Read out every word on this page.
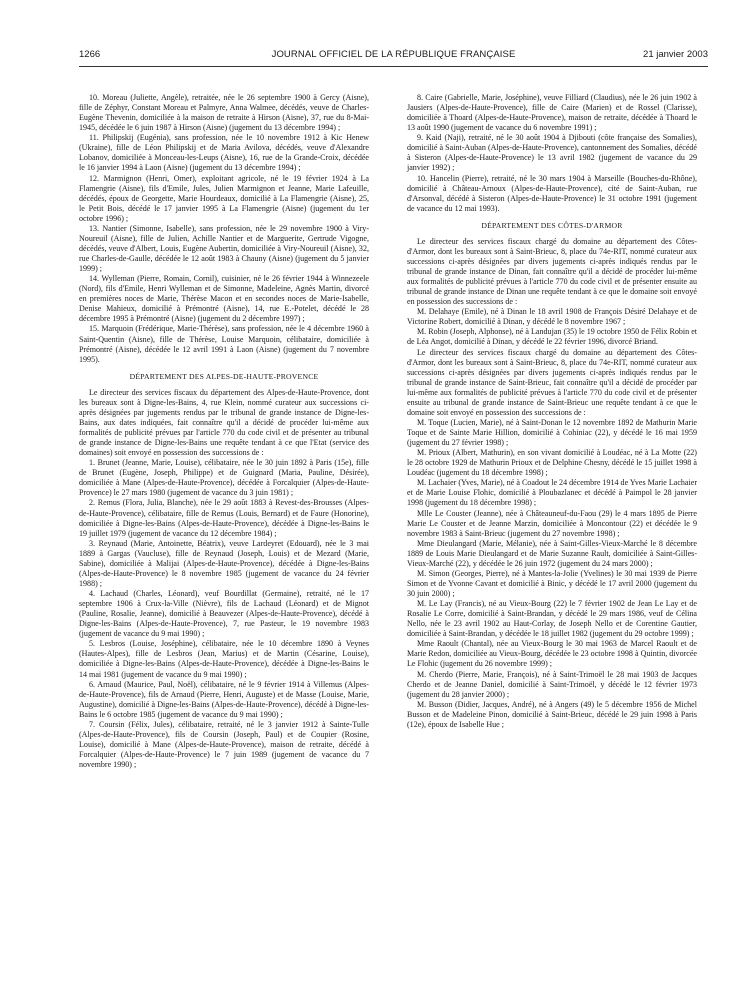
1266	JOURNAL OFFICIEL DE LA RÉPUBLIQUE FRANÇAISE	21 janvier 2003

10. Moreau (Juliette, Angèle), retraitée, née le 26 septembre 1900 à Gercy (Aisne), fille de Zéphyr, Constant Moreau et Palmyre, Anna Walmee, décédés, veuve de Charles-Eugène Thevenin, domiciliée à la maison de retraite à Hirson (Aisne), 37, rue du 8-Mai-1945, décédée le 6 juin 1987 à Hirson (Aisne) (jugement du 13 décembre 1994) ;

11. Philipskij (Eugénia), sans profession, née le 10 novembre 1912 à Kic Henew (Ukraine), fille de Léon Philipskij et de Maria Avilova, décédés, veuve d'Alexandre Lobanov, domiciliée à Monceau-les-Leups (Aisne), 16, rue de la Grande-Croix, décédée le 16 janvier 1994 à Laon (Aisne) (jugement du 13 décembre 1994) ;

12. Marmignon (Henri, Omer), exploitant agricole, né le 19 février 1924 à La Flamengrie (Aisne), fils d'Emile, Jules, Julien Marmignon et Jeanne, Marie Lafeuille, décédés, époux de Georgette, Marie Hourdeaux, domicilié à La Flamengrie (Aisne), 25, le Petit Bois, décédé le 17 janvier 1995 à La Flamengrie (Aisne) (jugement du 1er octobre 1996) ;

13. Nantier (Simonne, Isabelle), sans profession, née le 29 novembre 1900 à Viry-Noureuil (Aisne), fille de Julien, Achille Nantier et de Marguerite, Gertrude Vigogne, décédés, veuve d'Albert, Louis, Eugène Aubertin, domiciliée à Viry-Noureuil (Aisne), 32, rue Charles-de-Gaulle, décédée le 12 août 1983 à Chauny (Aisne) (jugement du 5 janvier 1999) ;

14. Wylleman (Pierre, Romain, Cornil), cuisinier, né le 26 février 1944 à Winnezeele (Nord), fils d'Emile, Henri Wylleman et de Simonne, Madeleine, Agnès Martin, divorcé en premières noces de Marie, Thérèse Macon et en secondes noces de Marie-Isabelle, Denise Mahieux, domicilié à Prémontré (Aisne), 14, rue E.-Potelet, décédé le 28 décembre 1995 à Prémontré (Aisne) (jugement du 2 décembre 1997) ;

15. Marquoin (Frédérique, Marie-Thérèse), sans profession, née le 4 décembre 1960 à Saint-Quentin (Aisne), fille de Thérèse, Louise Marquoin, célibataire, domiciliée à Prémontré (Aisne), décédée le 12 avril 1991 à Laon (Aisne) (jugement du 7 novembre 1995).

DÉPARTEMENT DES ALPES-DE-HAUTE-PROVENCE

Le directeur des services fiscaux du département des Alpes-de-Haute-Provence, dont les bureaux sont à Digne-les-Bains, 4, rue Klein, nommé curateur aux successions ci-après désignées par jugements rendus par le tribunal de grande instance de Digne-les-Bains, aux dates indiquées, fait connaître qu'il a décidé de procéder lui-même aux formalités de publicité prévues par l'article 770 du code civil et de présenter au tribunal de grande instance de Digne-les-Bains une requête tendant à ce que l'Etat (service des domaines) soit envoyé en possession des successions de :

1. Brunet (Jeanne, Marie, Louise), célibataire, née le 30 juin 1892 à Paris (15e), fille de Brunet (Eugène, Joseph, Philippe) et de Guignard (Maria, Pauline, Désirée), domiciliée à Mane (Alpes-de-Haute-Provence), décédée à Forcalquier (Alpes-de-Haute-Provence) le 27 mars 1980 (jugement de vacance du 3 juin 1981) ;

2. Remus (Flora, Julia, Blanche), née le 29 août 1883 à Revest-des-Brousses (Alpes-de-Haute-Provence), célibataire, fille de Remus (Louis, Bernard) et de Faure (Honorine), domiciliée à Digne-les-Bains (Alpes-de-Haute-Provence), décédée à Digne-les-Bains le 19 juillet 1979 (jugement de vacance du 12 décembre 1984) ;

3. Reynaud (Marie, Antoinette, Béatrix), veuve Lardeyret (Edouard), née le 3 mai 1889 à Gargas (Vaucluse), fille de Reynaud (Joseph, Louis) et de Mezard (Marie, Sabine), domiciliée à Malijai (Alpes-de-Haute-Provence), décédée à Digne-les-Bains (Alpes-de-Haute-Provence) le 8 novembre 1985 (jugement de vacance du 24 février 1988) ;

4. Lachaud (Charles, Léonard), veuf Bourdillat (Germaine), retraité, né le 17 septembre 1906 à Crux-la-Ville (Nièvre), fils de Lachaud (Léonard) et de Mignot (Pauline, Rosalie, Jeanne), domicilié à Beauvezer (Alpes-de-Haute-Provence), décédé à Digne-les-Bains (Alpes-de-Haute-Provence), 7, rue Pasteur, le 19 novembre 1983 (jugement de vacance du 9 mai 1990) ;

5. Lesbros (Louise, Joséphine), célibataire, née le 10 décembre 1890 à Veynes (Hautes-Alpes), fille de Lesbros (Jean, Marius) et de Martin (Césarine, Louise), domiciliée à Digne-les-Bains (Alpes-de-Haute-Provence), décédée à Digne-les-Bains le 14 mai 1981 (jugement de vacance du 9 mai 1990) ;

6. Arnaud (Maurice, Paul, Noël), célibataire, né le 9 février 1914 à Villemus (Alpes-de-Haute-Provence), fils de Arnaud (Pierre, Henri, Auguste) et de Masse (Louise, Marie, Augustine), domicilié à Digne-les-Bains (Alpes-de-Haute-Provence), décédé à Digne-les-Bains le 6 octobre 1985 (jugement de vacance du 9 mai 1990) ;

7. Coursin (Félix, Jules), célibataire, retraité, né le 3 janvier 1912 à Sainte-Tulle (Alpes-de-Haute-Provence), fils de Coursin (Joseph, Paul) et de Coupier (Rosine, Louise), domicilié à Mane (Alpes-de-Haute-Provence), maison de retraite, décédé à Forcalquier (Alpes-de-Haute-Provence) le 7 juin 1989 (jugement de vacance du 7 novembre 1990) ;

8. Caire (Gabrielle, Marie, Joséphine), veuve Filliard (Claudius), née le 26 juin 1902 à Jausiers (Alpes-de-Haute-Provence), fille de Caire (Marien) et de Rossel (Clarisse), domiciliée à Thoard (Alpes-de-Haute-Provence), maison de retraite, décédée à Thoard le 13 août 1990 (jugement de vacance du 6 novembre 1991) ;

9. Kaid (Naji), retraité, né le 30 août 1904 à Djibouti (côte française des Somalies), domicilié à Saint-Auban (Alpes-de-Haute-Provence), cantonnement des Somalies, décédé à Sisteron (Alpes-de-Haute-Provence) le 13 avril 1982 (jugement de vacance du 29 janvier 1992) ;

10. Hancelin (Pierre), retraité, né le 30 mars 1904 à Marseille (Bouches-du-Rhône), domicilié à Château-Arnoux (Alpes-de-Haute-Provence), cité de Saint-Auban, rue d'Arsonval, décédé à Sisteron (Alpes-de-Haute-Provence) le 31 octobre 1991 (jugement de vacance du 12 mai 1993).

DÉPARTEMENT DES CÔTES-D'ARMOR

Le directeur des services fiscaux chargé du domaine au département des Côtes-d'Armor, dont les bureaux sont à Saint-Brieuc, 8, place du 74e-RIT, nommé curateur aux successions ci-après désignées par divers jugements ci-après indiqués rendus par le tribunal de grande instance de Dinan, fait connaître qu'il a décidé de procéder lui-même aux formalités de publicité prévues à l'article 770 du code civil et de présenter ensuite au tribunal de grande instance de Dinan une requête tendant à ce que le domaine soit envoyé en possession des successions de :

M. Delahaye (Emile), né à Dinan le 18 avril 1908 de François Désiré Delahaye et de Victorine Robert, domicilié à Dinan, y décédé le 8 novembre 1967 ;

M. Robin (Joseph, Alphonse), né à Landujan (35) le 19 octobre 1950 de Félix Robin et de Léa Angot, domicilié à Dinan, y décédé le 22 février 1996, divorcé Briand.

Le directeur des services fiscaux chargé du domaine au département des Côtes-d'Armor, dont les bureaux sont à Saint-Brieuc, 8, place du 74e-RIT, nommé curateur aux successions ci-après désignées par divers jugements ci-après indiqués rendus par le tribunal de grande instance de Saint-Brieuc, fait connaître qu'il a décidé de procéder par lui-même aux formalités de publicité prévues à l'article 770 du code civil et de présenter ensuite au tribunal de grande instance de Saint-Brieuc une requête tendant à ce que le domaine soit envoyé en possession des successions de :

M. Toque (Lucien, Marie), né à Saint-Donan le 12 novembre 1892 de Mathurin Marie Toque et de Sainte Marie Hillion, domicilié à Cohiniac (22), y décédé le 16 mai 1959 (jugement du 27 février 1998) ;

M. Prioux (Albert, Mathurin), en son vivant domicilié à Loudéac, né à La Motte (22) le 28 octobre 1929 de Mathurin Prioux et de Delphine Chesny, décédé le 15 juillet 1998 à Loudéac (jugement du 18 décembre 1998) ;

M. Lachaier (Yves, Marie), né à Coadout le 24 décembre 1914 de Yves Marie Lachaier et de Marie Louise Flohic, domicilié à Ploubazlanec et décédé à Paimpol le 28 janvier 1998 (jugement du 18 décembre 1998) ;

Mlle Le Couster (Jeanne), née à Châteauneuf-du-Faou (29) le 4 mars 1895 de Pierre Marie Le Couster et de Jeanne Marzin, domiciliée à Moncontour (22) et décédée le 9 novembre 1983 à Saint-Brieuc (jugement du 27 novembre 1998) ;

Mme Dieulangard (Marie, Mélanie), née à Saint-Gilles-Vieux-Marché le 8 décembre 1889 de Louis Marie Dieulangard et de Marie Suzanne Rault, domiciliée à Saint-Gilles-Vieux-Marché (22), y décédée le 26 juin 1972 (jugement du 24 mars 2000) ;

M. Simon (Georges, Pierre), né à Mantes-la-Jolie (Yvelines) le 30 mai 1939 de Pierre Simon et de Yvonne Cavant et domicilié à Binic, y décédé le 17 avril 2000 (jugement du 30 juin 2000) ;

M. Le Lay (Francis), né au Vieux-Bourg (22) le 7 février 1902 de Jean Le Lay et de Rosalie Le Corre, domicilié à Saint-Brandan, y décédé le 29 mars 1986, veuf de Célina Nello, née le 23 avril 1902 au Haut-Corlay, de Joseph Nello et de Corentine Gautier, domiciliée à Saint-Brandan, y décédée le 18 juillet 1982 (jugement du 29 octobre 1999) ;

Mme Raoult (Chantal), née au Vieux-Bourg le 30 mai 1963 de Marcel Raoult et de Marie Redon, domiciliée au Vieux-Bourg, décédée le 23 octobre 1998 à Quintin, divorcée Le Flohic (jugement du 26 novembre 1999) ;

M. Cherdo (Pierre, Marie, François), né à Saint-Trimoël le 28 mai 1903 de Jacques Cherdo et de Jeanne Daniel, domicilié à Saint-Trimoël, y décédé le 12 février 1973 (jugement du 28 janvier 2000) ;

M. Busson (Didier, Jacques, André), né à Angers (49) le 5 décembre 1956 de Michel Busson et de Madeleine Pinon, domicilié à Saint-Brieuc, décédé le 29 juin 1998 à Paris (12e), époux de Isabelle Hue ;
